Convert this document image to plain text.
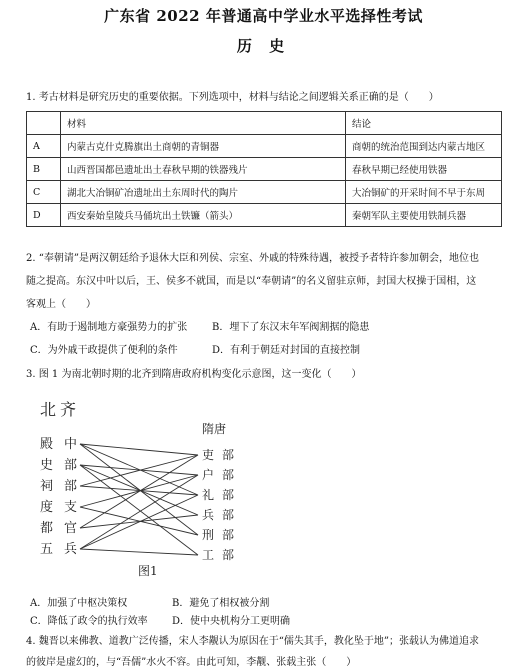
广东省 2022 年普通高中学业水平选择性考试
历 史
1. 考古材料是研究历史的重要依据。下列选项中，材料与结论之间逻辑关系正确的是（　　）
	材料	结论
A	内蒙古克什克腾旗出土商朝的青铜器	商朝的统治范围到达内蒙古地区
B	山西晋国都邑遗址出土春秋早期的铁器残片	春秋早期已经使用铁器
C	湖北大冶铜矿冶遗址出土东周时代的陶片	大冶铜矿的开采时间不早于东周
D	西安秦始皇陵兵马俑坑出土铁镰（箭头）	秦朝军队主要使用铁制兵器

2. “奉朝请”是两汉朝廷给予退休大臣和列侯、宗室、外戚的特殊待遇，被授予者特许参加朝会，地位也

随之提高。东汉中叶以后，王、侯多不就国，而是以“奉朝请”的名义留驻京师，封国大权操于国相，这

客观上（　　）

A．有助于遏制地方豪强势力的扩张 B．埋下了东汉末年军阀割据的隐患
C．为外戚干政提供了便利的条件	D．有利于朝廷对封国的直接控制
3. 图 1 为南北朝时期的北齐到隋唐政府机构变化示意图，这一变化（　　）
北齐
殿
史
祠
度
都
五
中
部
部
支
官
兵
隋唐
吏
户
礼
兵
刑
工
部
部
部
部
部
部
图1
A．加强了中枢决策权	B．避免了相权被分割
C．降低了政令的执行效率 D．使中央机构分工更明确
4. 魏晋以来佛教、道教广泛传播，宋人李觏认为原因在于“儒失其手，教化坠于地”；张载认为佛道追求
的彼岸是虚幻的，与“吾儒”水火不容。由此可知，李觏、张载主张（　　）
